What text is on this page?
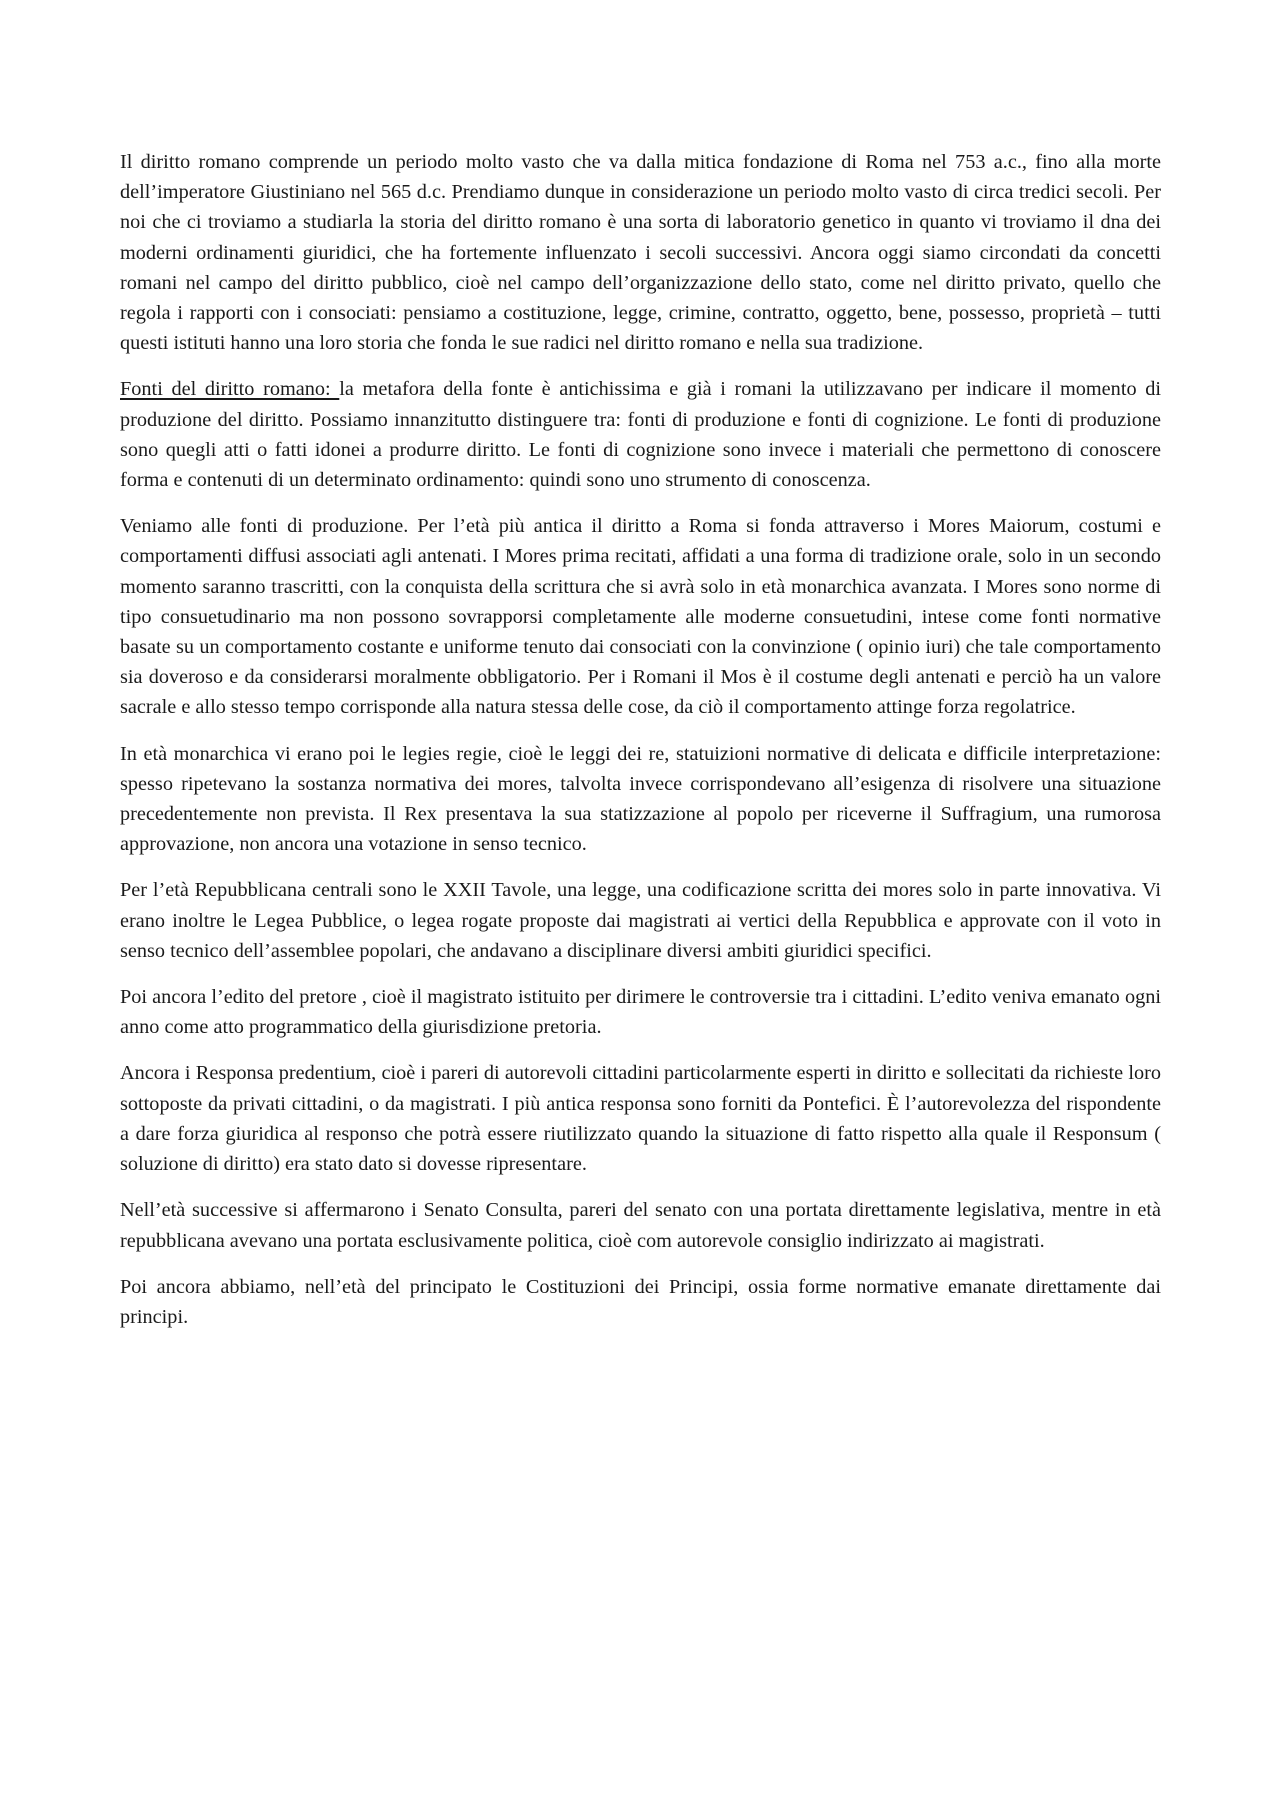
Il diritto romano comprende un periodo molto vasto che va dalla mitica fondazione di Roma nel 753 a.c., fino alla morte dell’imperatore Giustiniano nel 565 d.c. Prendiamo dunque in considerazione un periodo molto vasto di circa tredici secoli. Per noi che ci troviamo a studiarla la storia del diritto romano è una sorta di laboratorio genetico in quanto vi troviamo il dna dei moderni ordinamenti giuridici, che ha fortemente influenzato i secoli successivi. Ancora oggi siamo circondati da concetti romani nel campo del diritto pubblico, cioè nel campo dell’organizzazione dello stato, come nel diritto privato, quello che regola i rapporti con i consociati: pensiamo a costituzione, legge, crimine, contratto, oggetto, bene, possesso, proprietà – tutti questi istituti hanno una loro storia che fonda le sue radici nel diritto romano e nella sua tradizione.

Fonti del diritto romano: la metafora della fonte è antichissima e già i romani la utilizzavano per indicare il momento di produzione del diritto. Possiamo innanzitutto distinguere tra: fonti di produzione e fonti di cognizione. Le fonti di produzione sono quegli atti o fatti idonei a produrre diritto. Le fonti di cognizione sono invece i materiali che permettono di conoscere forma e contenuti di un determinato ordinamento: quindi sono uno strumento di conoscenza.

Veniamo alle fonti di produzione. Per l’età più antica il diritto a Roma si fonda attraverso i Mores Maiorum, costumi e comportamenti diffusi associati agli antenati. I Mores prima recitati, affidati a una forma di tradizione orale, solo in un secondo momento saranno trascritti, con la conquista della scrittura che si avrà solo in età monarchica avanzata. I Mores sono norme di tipo consuetudinario ma non possono sovrapporsi completamente alle moderne consuetudini, intese come fonti normative basate su un comportamento costante e uniforme tenuto dai consociati con la convinzione ( opinio iuri) che tale comportamento sia doveroso e da considerarsi moralmente obbligatorio. Per i Romani il Mos è il costume degli antenati e perciò ha un valore sacrale e allo stesso tempo corrisponde alla natura stessa delle cose, da ciò il comportamento attinge forza regolatrice.

In età monarchica vi erano poi le legies regie, cioè le leggi dei re, statuizioni normative di delicata e difficile interpretazione: spesso ripetevano la sostanza normativa dei mores, talvolta invece corrispondevano all’esigenza di risolvere una situazione precedentemente non prevista. Il Rex presentava la sua statizzazione al popolo per riceverne il Suffragium, una rumorosa approvazione, non ancora una votazione in senso tecnico.

Per l’età Repubblicana centrali sono le XXII Tavole, una legge, una codificazione scritta dei mores solo in parte innovativa. Vi erano inoltre le Legea Pubblice, o legea rogate proposte dai magistrati ai vertici della Repubblica e approvate con il voto in senso tecnico dell’assemblee popolari, che andavano a disciplinare diversi ambiti giuridici specifici.

Poi ancora l’edito del pretore , cioè il magistrato istituito per dirimere le controversie tra i cittadini. L’edito veniva emanato ogni anno come atto programmatico della giurisdizione pretoria.

Ancora i Responsa predentium, cioè i pareri di autorevoli cittadini particolarmente esperti in diritto e sollecitati da richieste loro sottoposte da privati cittadini, o da magistrati. I più antica responsa sono forniti da Pontefici. È l’autorevolezza del rispondente a dare forza giuridica al responso che potrà essere riutilizzato quando la situazione di fatto rispetto alla quale il Responsum ( soluzione di diritto) era stato dato si dovesse ripresentare.

Nell’età successive si affermarono i Senato Consulta, pareri del senato con una portata direttamente legislativa, mentre in età repubblicana avevano una portata esclusivamente politica, cioè com autorevole consiglio indirizzato ai magistrati.

Poi ancora abbiamo, nell’età del principato le Costituzioni dei Principi, ossia forme normative emanate direttamente dai principi.
